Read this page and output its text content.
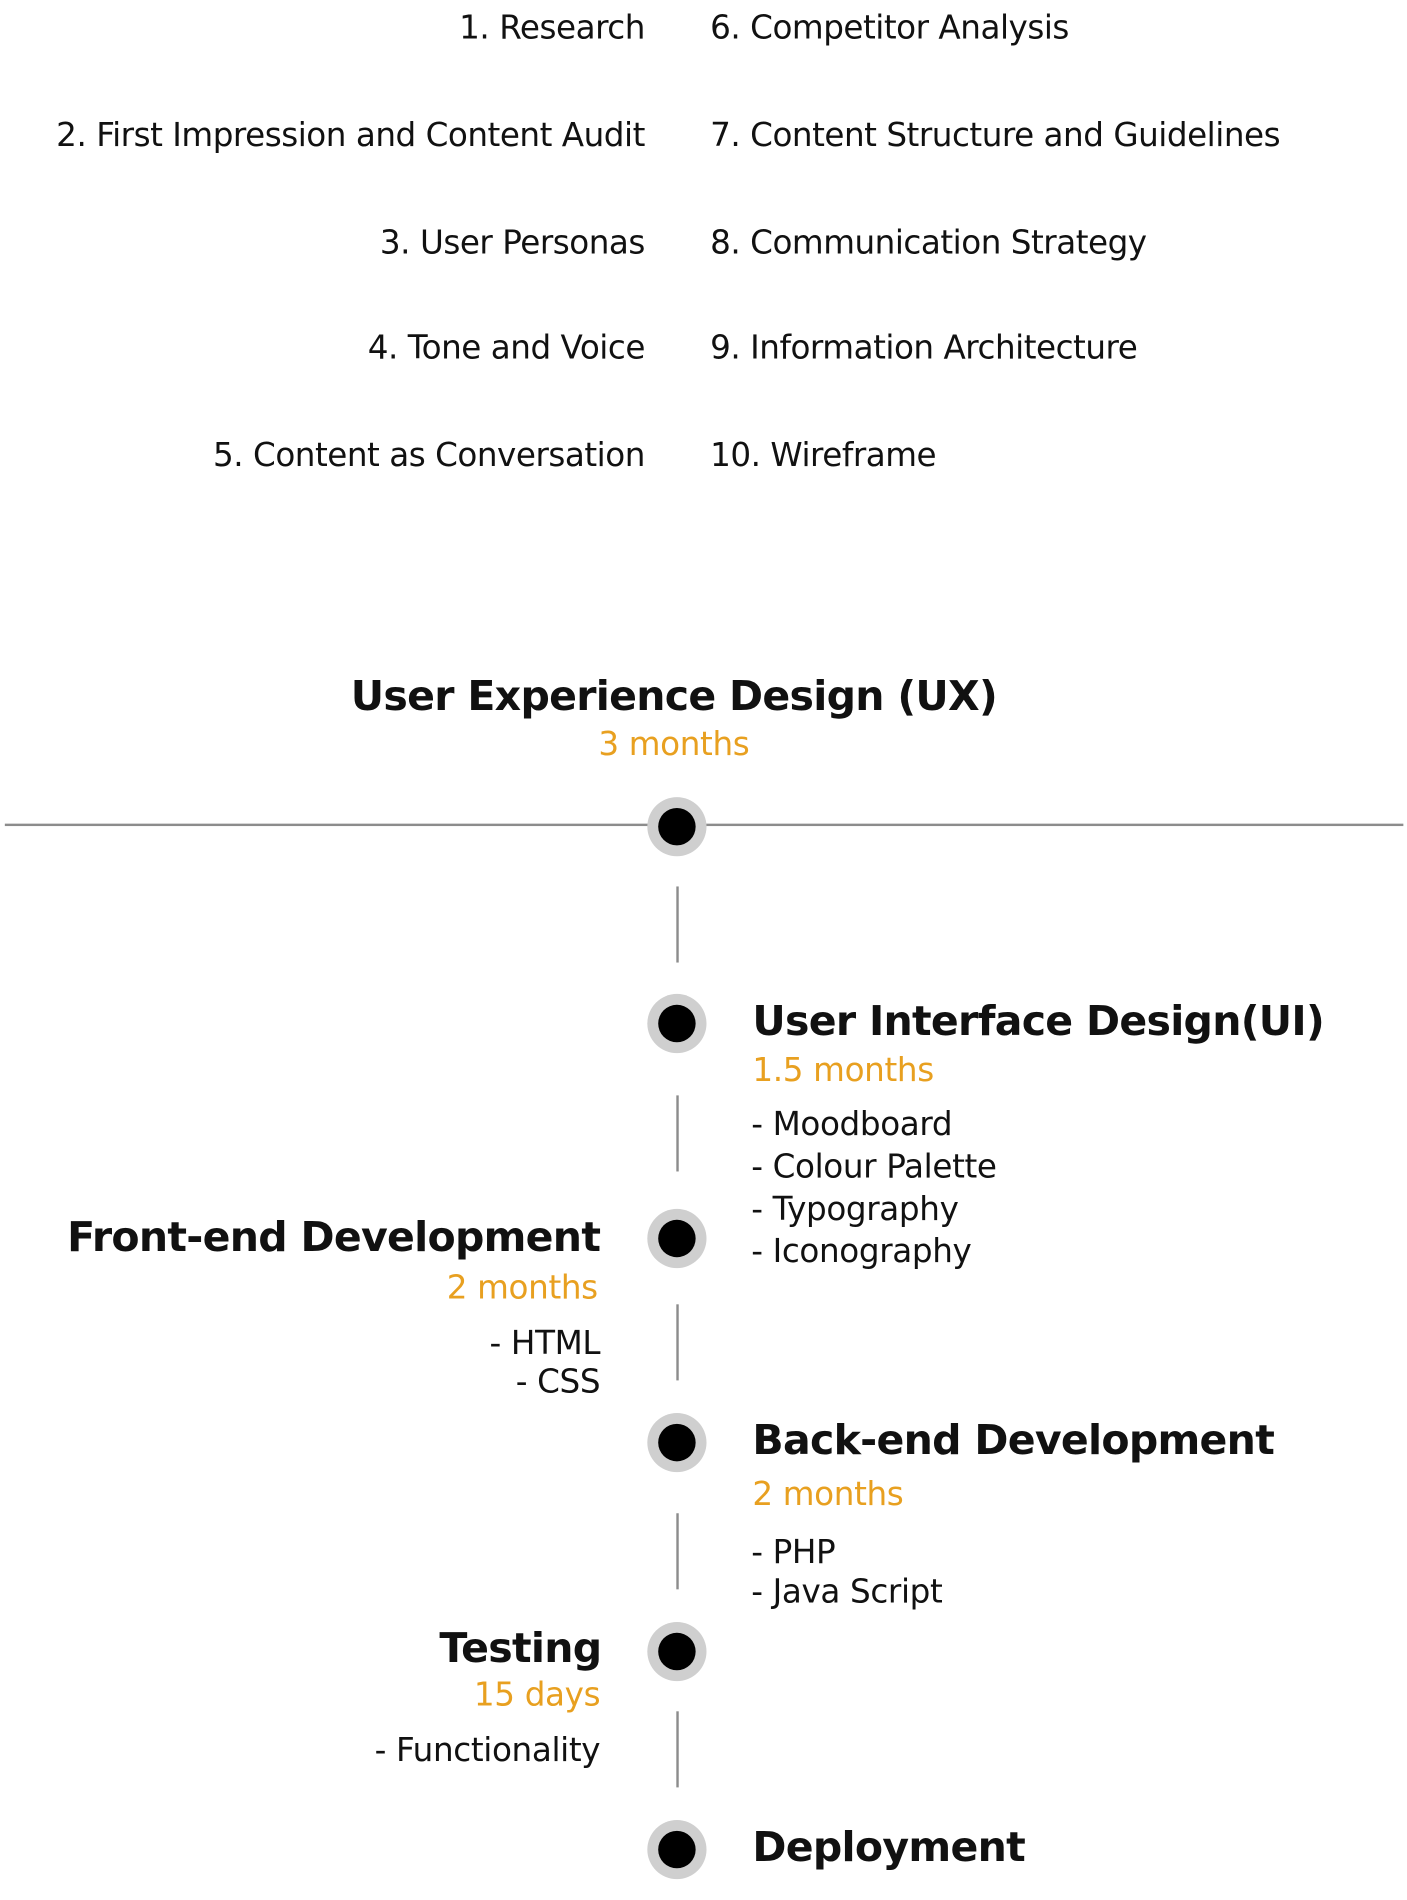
1. Research
2. First Impression and Content Audit
3. User Personas
4. Tone and Voice
5. Content as Conversation
6. Competitor Analysis
7. Content Structure and Guidelines
8. Communication Strategy
9. Information Architecture
10. Wireframe
User Experience Design (UX)
3 months
User Interface Design(UI)
1.5 months
- Moodboard
- Colour Palette
- Typography
- Iconography
Front-end Development
2 months
- HTML
- CSS
Back-end Development
2 months
- PHP
- Java Script
Testing
15 days
- Functionality
Deployment
